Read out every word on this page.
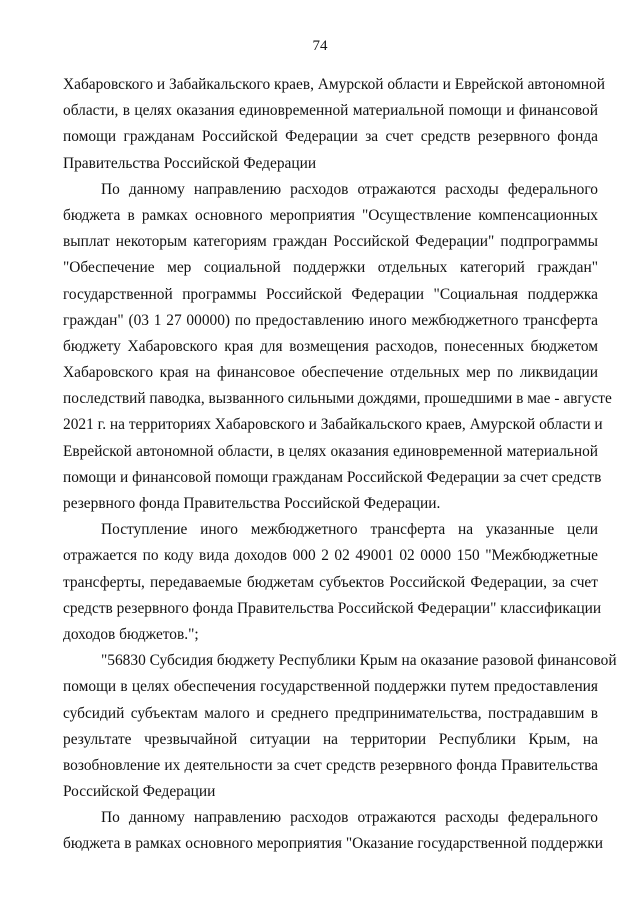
74
Хабаровского и Забайкальского краев, Амурской области и Еврейской автономной
области, в целях оказания единовременной материальной помощи и финансовой
помощи гражданам Российской Федерации за счет средств резервного фонда
Правительства Российской Федерации
По данному направлению расходов отражаются расходы федерального
бюджета в рамках основного мероприятия "Осуществление компенсационных
выплат некоторым категориям граждан Российской Федерации" подпрограммы
"Обеспечение мер социальной поддержки отдельных категорий граждан"
государственной программы Российской Федерации "Социальная поддержка
граждан" (03 1 27 00000) по предоставлению иного межбюджетного трансферта
бюджету Хабаровского края для возмещения расходов, понесенных бюджетом
Хабаровского края на финансовое обеспечение отдельных мер по ликвидации
последствий паводка, вызванного сильными дождями, прошедшими в мае - августе
2021 г. на территориях Хабаровского и Забайкальского краев, Амурской области и
Еврейской автономной области, в целях оказания единовременной материальной
помощи и финансовой помощи гражданам Российской Федерации за счет средств
резервного фонда Правительства Российской Федерации.
Поступление иного межбюджетного трансферта на указанные цели
отражается по коду вида доходов 000 2 02 49001 02 0000 150 "Межбюджетные
трансферты, передаваемые бюджетам субъектов Российской Федерации, за счет
средств резервного фонда Правительства Российской Федерации" классификации
доходов бюджетов.";
"56830 Субсидия бюджету Республики Крым на оказание разовой финансовой
помощи в целях обеспечения государственной поддержки путем предоставления
субсидий субъектам малого и среднего предпринимательства, пострадавшим в
результате чрезвычайной ситуации на территории Республики Крым, на
возобновление их деятельности за счет средств резервного фонда Правительства
Российской Федерации
По данному направлению расходов отражаются расходы федерального
бюджета в рамках основного мероприятия "Оказание государственной поддержки
